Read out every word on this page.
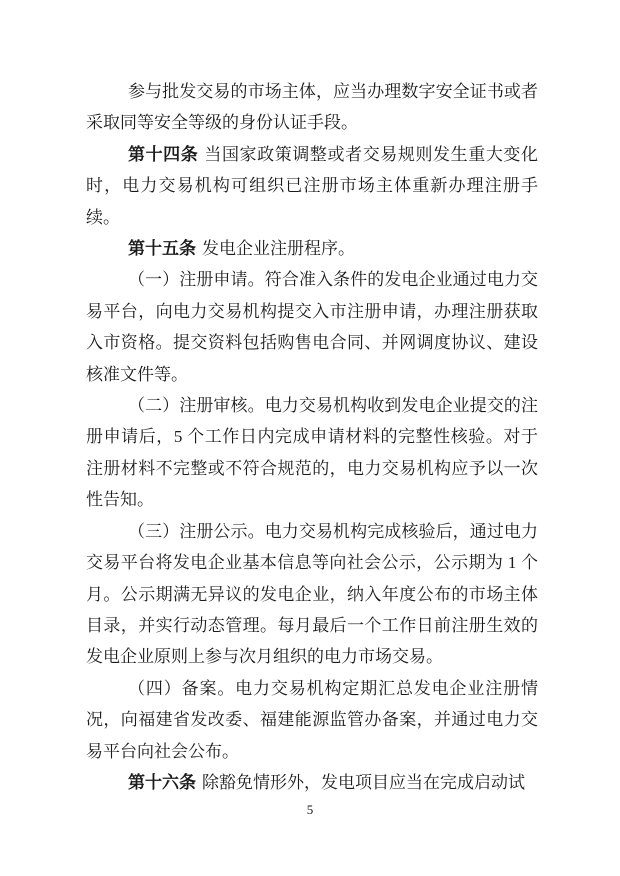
参与批发交易的市场主体，应当办理数字安全证书或者采取同等安全等级的身份认证手段。

第十四条 当国家政策调整或者交易规则发生重大变化时，电力交易机构可组织已注册市场主体重新办理注册手续。

第十五条 发电企业注册程序。

（一）注册申请。符合准入条件的发电企业通过电力交易平台，向电力交易机构提交入市注册申请，办理注册获取入市资格。提交资料包括购售电合同、并网调度协议、建设核准文件等。

（二）注册审核。电力交易机构收到发电企业提交的注册申请后，5 个工作日内完成申请材料的完整性核验。对于注册材料不完整或不符合规范的，电力交易机构应予以一次性告知。

（三）注册公示。电力交易机构完成核验后，通过电力交易平台将发电企业基本信息等向社会公示，公示期为 1 个月。公示期满无异议的发电企业，纳入年度公布的市场主体目录，并实行动态管理。每月最后一个工作日前注册生效的发电企业原则上参与次月组织的电力市场交易。

（四）备案。电力交易机构定期汇总发电企业注册情况，向福建省发改委、福建能源监管办备案，并通过电力交易平台向社会公布。

第十六条 除豁免情形外，发电项目应当在完成启动试

5
